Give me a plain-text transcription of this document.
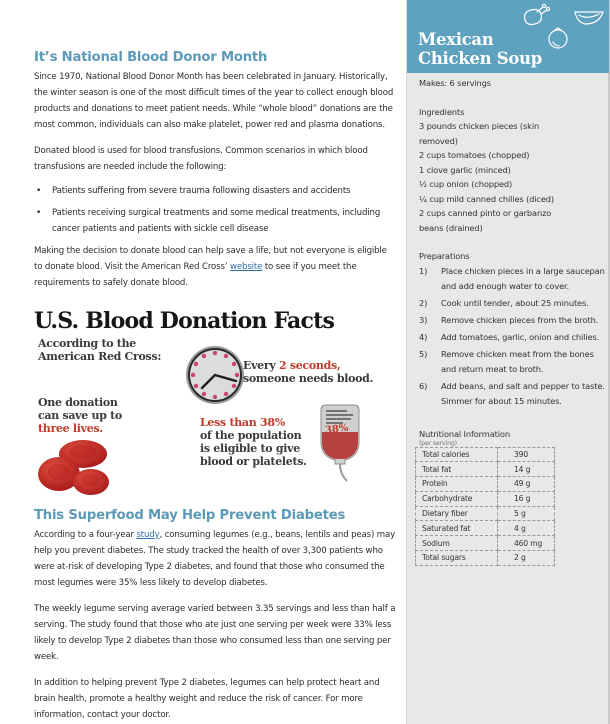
It’s National Blood Donor Month

Since 1970, National Blood Donor Month has been celebrated in January. Historically, the winter season is one of the most difficult times of the year to collect enough blood products and donations to meet patient needs. While “whole blood” donations are the most common, individuals can also make platelet, power red and plasma donations.

Donated blood is used for blood transfusions. Common scenarios in which blood transfusions are needed include the following:

• Patients suffering from severe trauma following disasters and accidents
• Patients receiving surgical treatments and some medical treatments, including cancer patients and patients with sickle cell disease

Making the decision to donate blood can help save a life, but not everyone is eligible to donate blood. Visit the American Red Cross’ website to see if you meet the requirements to safely donate blood.

U.S. Blood Donation Facts
According to the
American Red Cross:
Every 2 seconds,
someone needs blood.
One donation
can save up to
three lives.	Less than 38%
of the population
is eligible to give
blood or platelets.
38%
This Superfood May Help Prevent Diabetes

According to a four-year study, consuming legumes (e.g., beans, lentils and peas) may help you prevent diabetes. The study tracked the health of over 3,300 patients who were at-risk of developing Type 2 diabetes, and found that those who consumed the most legumes were 35% less likely to develop diabetes.

The weekly legume serving average varied between 3.35 servings and less than half a serving. The study found that those who ate just one serving per week were 33% less likely to develop Type 2 diabetes than those who consumed less than one serving per week.

In addition to helping prevent Type 2 diabetes, legumes can help protect heart and brain health, promote a healthy weight and reduce the risk of cancer. For more information, contact your doctor.

Mexican
Chicken Soup
Makes: 6 servings
Ingredients
3 pounds chicken pieces (skin
removed)
2 cups tomatoes (chopped)
1 clove garlic (minced)
½ cup onion (chopped)
¼ cup mild canned chilies (diced)
2 cups canned pinto or garbanzo
beans (drained)
Preparations
1) Place chicken pieces in a large saucepan and add enough water to cover.
2) Cook until tender, about 25 minutes.
3) Remove chicken pieces from the broth.
4) Add tomatoes, garlic, onion and chilies.
5) Remove chicken meat from the bones and return meat to broth.
6) Add beans, and salt and pepper to taste. Simmer for about 15 minutes.
Nutritional Information
(per serving)
Total calories	390
Total fat	14 g
Protein	49 g
Carbohydrate	16 g
Dietary fiber	5 g
Saturated fat	4 g
Sodium	460 mg
Total sugars	2 g
